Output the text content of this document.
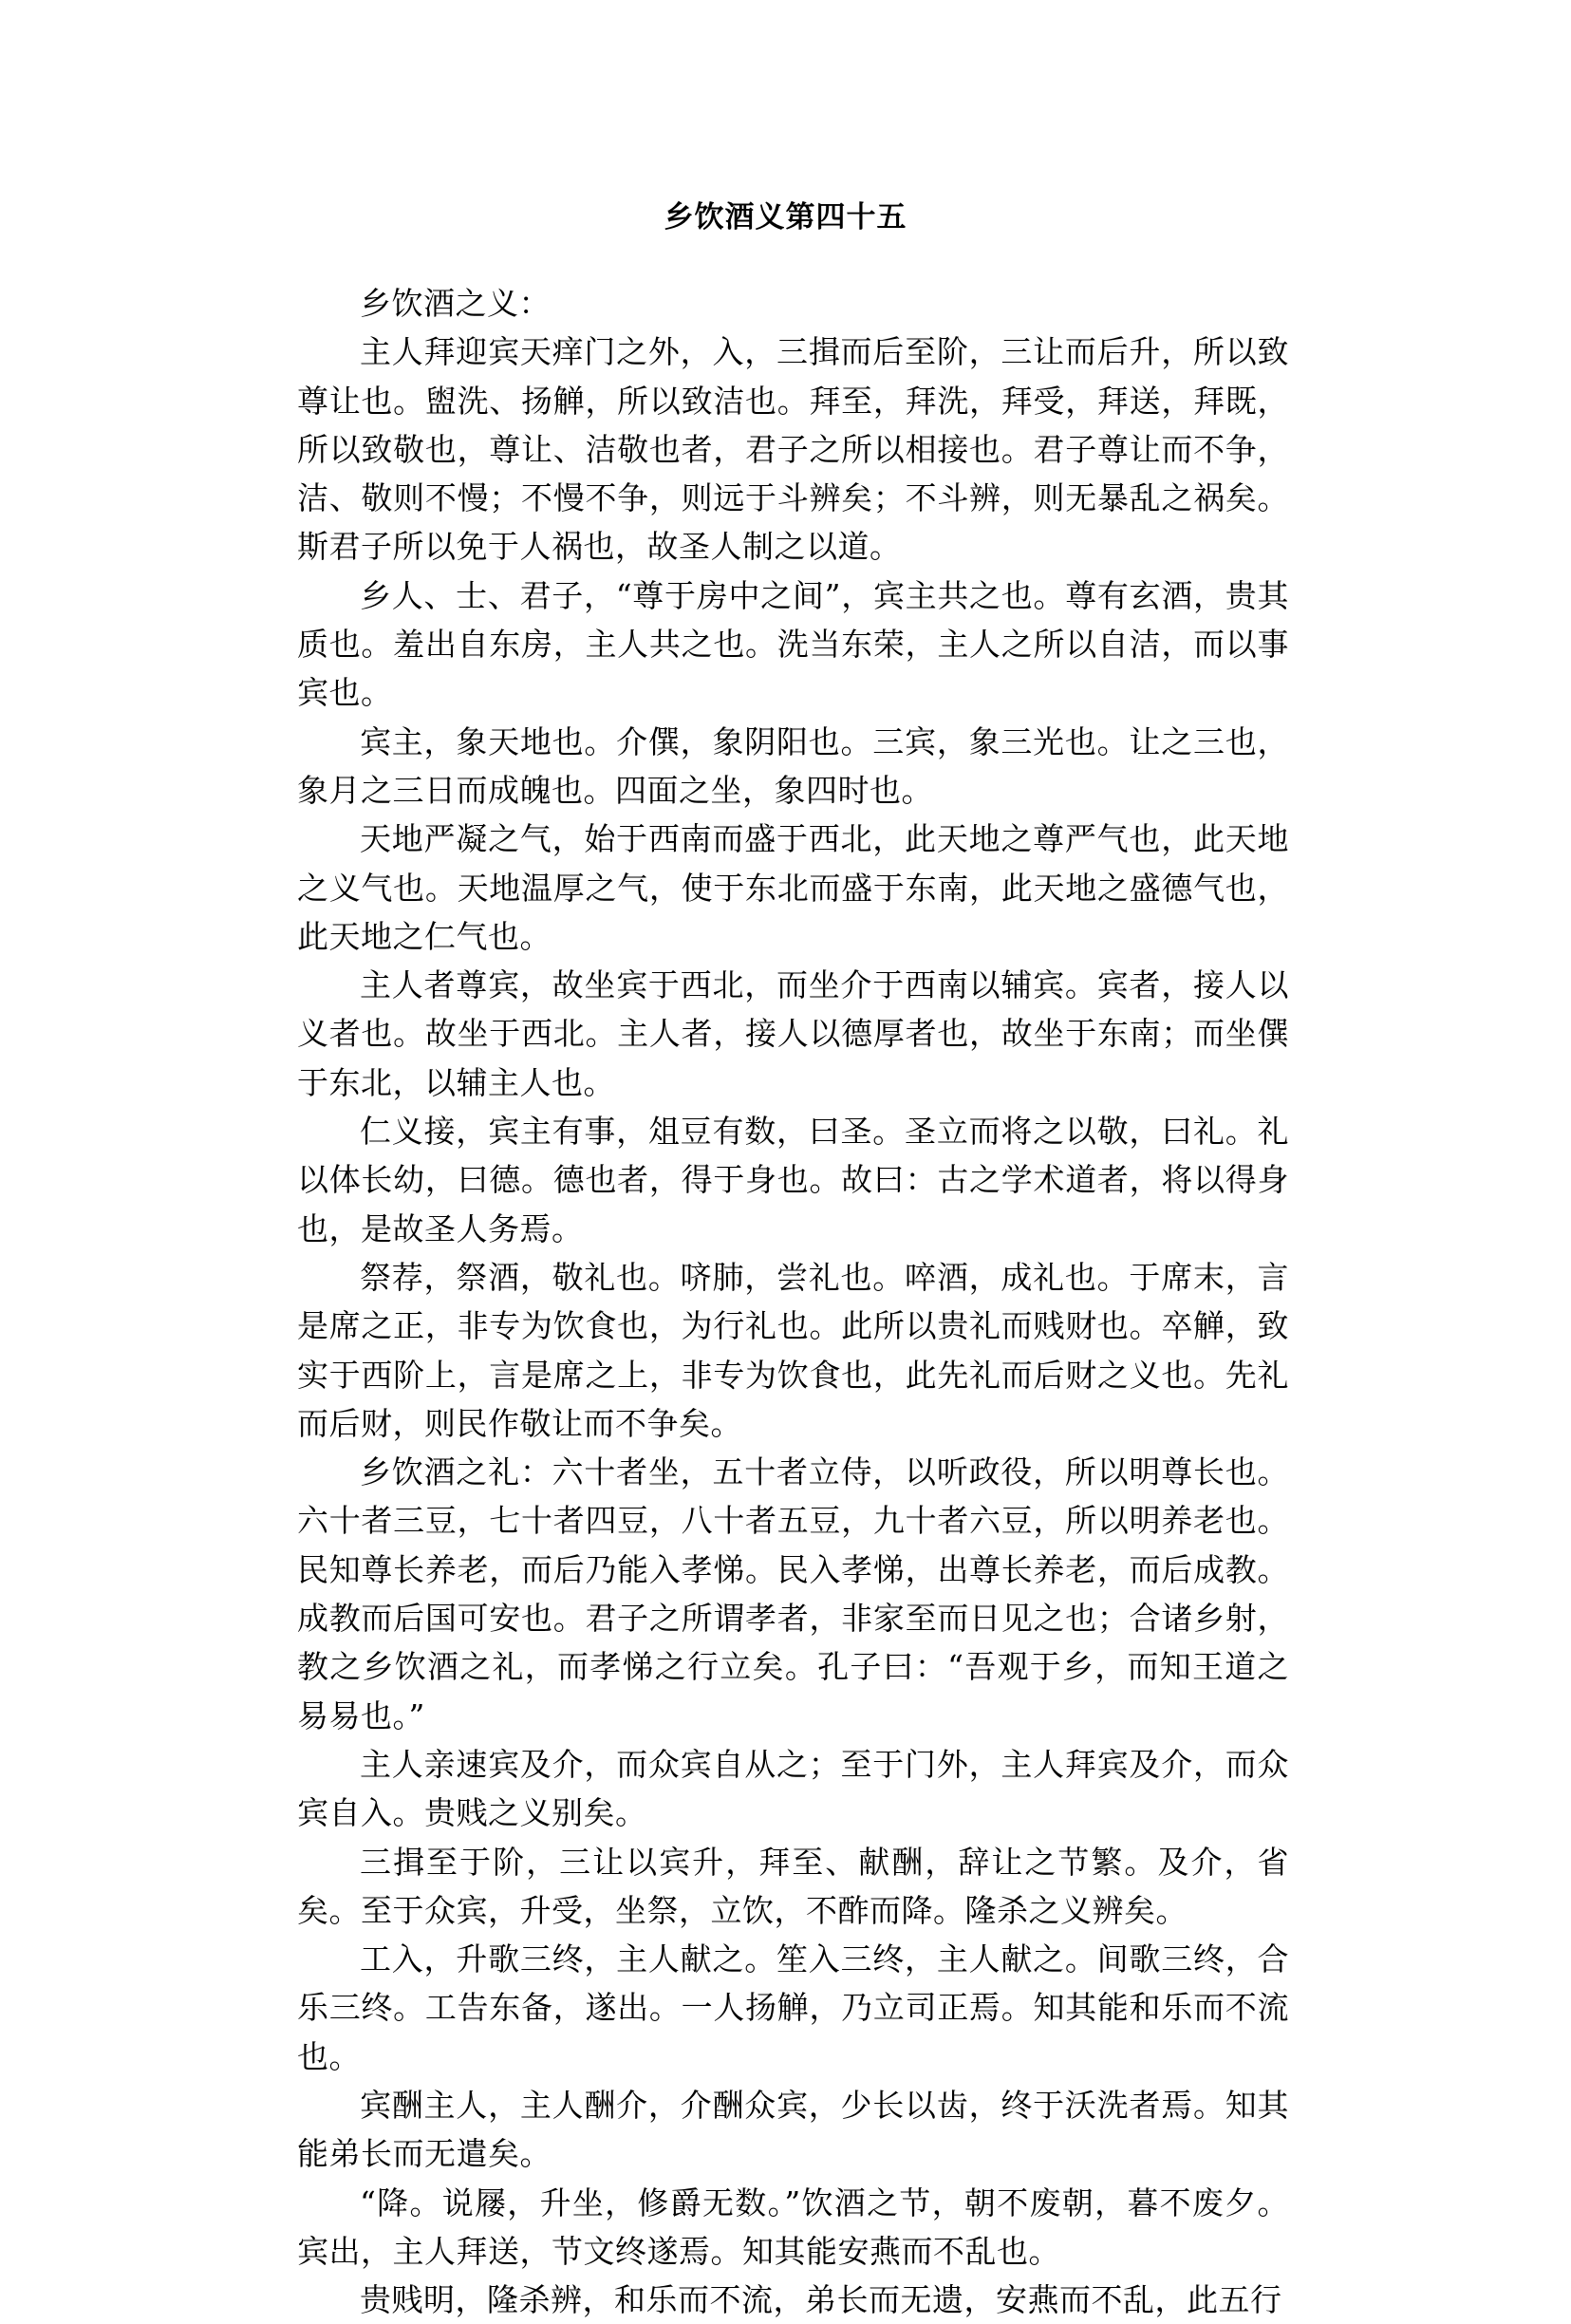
乡饮酒义第四十五

乡饮酒之义：

主人拜迎宾天痒门之外，入，三揖而后至阶，三让而后升，所以致尊让也。盥洗、扬觯，所以致洁也。拜至，拜洗，拜受，拜送，拜既，所以致敬也，尊让、洁敬也者，君子之所以相接也。君子尊让而不争，洁、敬则不慢；不慢不争，则远于斗辨矣；不斗辨，则无暴乱之祸矣。斯君子所以免于人祸也，故圣人制之以道。

乡人、士、君子，“尊于房中之间”，宾主共之也。尊有玄酒，贵其质也。羞出自东房，主人共之也。洗当东荣，主人之所以自洁，而以事宾也。

宾主，象天地也。介僎，象阴阳也。三宾，象三光也。让之三也，象月之三日而成魄也。四面之坐，象四时也。

天地严凝之气，始于西南而盛于西北，此天地之尊严气也，此天地之义气也。天地温厚之气，使于东北而盛于东南，此天地之盛德气也，此天地之仁气也。

主人者尊宾，故坐宾于西北，而坐介于西南以辅宾。宾者，接人以义者也。故坐于西北。主人者，接人以德厚者也，故坐于东南；而坐僎于东北，以辅主人也。

仁义接，宾主有事，俎豆有数，曰圣。圣立而将之以敬，曰礼。礼以体长幼，曰德。德也者，得于身也。故曰：古之学术道者，将以得身也，是故圣人务焉。

祭荐，祭酒，敬礼也。哜肺，尝礼也。啐酒，成礼也。于席末，言是席之正，非专为饮食也，为行礼也。此所以贵礼而贱财也。卒觯，致实于西阶上，言是席之上，非专为饮食也，此先礼而后财之义也。先礼而后财，则民作敬让而不争矣。

乡饮酒之礼：六十者坐，五十者立侍，以听政役，所以明尊长也。六十者三豆，七十者四豆，八十者五豆，九十者六豆，所以明养老也。民知尊长养老，而后乃能入孝悌。民入孝悌，出尊长养老，而后成教。成教而后国可安也。君子之所谓孝者，非家至而日见之也；合诸乡射，教之乡饮酒之礼，而孝悌之行立矣。孔子曰：“吾观于乡，而知王道之易易也。”

主人亲速宾及介，而众宾自从之；至于门外，主人拜宾及介，而众宾自入。贵贱之义别矣。

三揖至于阶，三让以宾升，拜至、献酬，辞让之节繁。及介，省矣。至于众宾，升受，坐祭，立饮，不酢而降。隆杀之义辨矣。

工入，升歌三终，主人献之。笙入三终，主人献之。间歌三终，合乐三终。工告东备，遂出。一人扬觯，乃立司正焉。知其能和乐而不流也。

宾酬主人，主人酬介，介酬众宾，少长以齿，终于沃洗者焉。知其能弟长而无遣矣。

“降。说屦，升坐，修爵无数。”饮酒之节，朝不废朝，暮不废夕。宾出，主人拜送，节文终遂焉。知其能安燕而不乱也。

贵贱明，隆杀辨，和乐而不流，弟长而无遗，安燕而不乱，此五行
